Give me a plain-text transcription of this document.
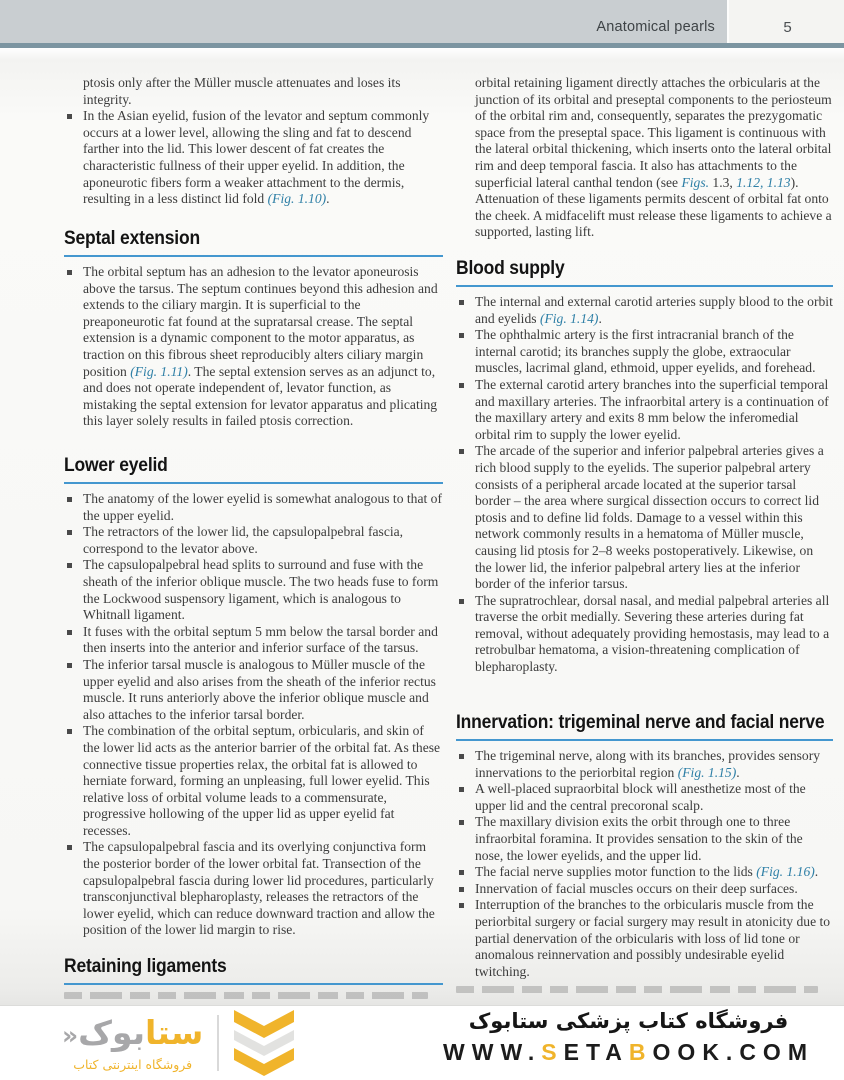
Anatomical pearls	5
ptosis only after the Müller muscle attenuates and loses its integrity.
In the Asian eyelid, fusion of the levator and septum commonly occurs at a lower level, allowing the sling and fat to descend farther into the lid. This lower descent of fat creates the characteristic fullness of their upper eyelid. In addition, the aponeurotic fibers form a weaker attachment to the dermis, resulting in a less distinct lid fold (Fig. 1.10).
Septal extension
The orbital septum has an adhesion to the levator aponeurosis above the tarsus. The septum continues beyond this adhesion and extends to the ciliary margin. It is superficial to the preaponeurotic fat found at the supratarsal crease. The septal extension is a dynamic component to the motor apparatus, as traction on this fibrous sheet reproducibly alters ciliary margin position (Fig. 1.11). The septal extension serves as an adjunct to, and does not operate independent of, levator function, as mistaking the septal extension for levator apparatus and plicating this layer solely results in failed ptosis correction.
Lower eyelid
The anatomy of the lower eyelid is somewhat analogous to that of the upper eyelid.
The retractors of the lower lid, the capsulopalpebral fascia, correspond to the levator above.
The capsulopalpebral head splits to surround and fuse with the sheath of the inferior oblique muscle. The two heads fuse to form the Lockwood suspensory ligament, which is analogous to Whitnall ligament.
It fuses with the orbital septum 5 mm below the tarsal border and then inserts into the anterior and inferior surface of the tarsus.
The inferior tarsal muscle is analogous to Müller muscle of the upper eyelid and also arises from the sheath of the inferior rectus muscle. It runs anteriorly above the inferior oblique muscle and also attaches to the inferior tarsal border.
The combination of the orbital septum, orbicularis, and skin of the lower lid acts as the anterior barrier of the orbital fat. As these connective tissue properties relax, the orbital fat is allowed to herniate forward, forming an unpleasing, full lower eyelid. This relative loss of orbital volume leads to a commensurate, progressive hollowing of the upper lid as upper eyelid fat recesses.
The capsulopalpebral fascia and its overlying conjunctiva form the posterior border of the lower orbital fat. Transection of the capsulopalpebral fascia during lower lid procedures, particularly transconjunctival blepharoplasty, releases the retractors of the lower eyelid, which can reduce downward traction and allow the position of the lower lid margin to rise.
Retaining ligaments
orbital retaining ligament directly attaches the orbicularis at the junction of its orbital and preseptal components to the periosteum of the orbital rim and, consequently, separates the prezygomatic space from the preseptal space. This ligament is continuous with the lateral orbital thickening, which inserts onto the lateral orbital rim and deep temporal fascia. It also has attachments to the superficial lateral canthal tendon (see Figs. 1.3, 1.12, 1.13). Attenuation of these ligaments permits descent of orbital fat onto the cheek. A midfacelift must release these ligaments to achieve a supported, lasting lift.
Blood supply
The internal and external carotid arteries supply blood to the orbit and eyelids (Fig. 1.14).
The ophthalmic artery is the first intracranial branch of the internal carotid; its branches supply the globe, extraocular muscles, lacrimal gland, ethmoid, upper eyelids, and forehead.
The external carotid artery branches into the superficial temporal and maxillary arteries. The infraorbital artery is a continuation of the maxillary artery and exits 8 mm below the inferomedial orbital rim to supply the lower eyelid.
The arcade of the superior and inferior palpebral arteries gives a rich blood supply to the eyelids. The superior palpebral artery consists of a peripheral arcade located at the superior tarsal border – the area where surgical dissection occurs to correct lid ptosis and to define lid folds. Damage to a vessel within this network commonly results in a hematoma of Müller muscle, causing lid ptosis for 2–8 weeks postoperatively. Likewise, on the lower lid, the inferior palpebral artery lies at the inferior border of the inferior tarsus.
The supratrochlear, dorsal nasal, and medial palpebral arteries all traverse the orbit medially. Severing these arteries during fat removal, without adequately providing hemostasis, may lead to a retrobulbar hematoma, a vision-threatening complication of blepharoplasty.
Innervation: trigeminal nerve and facial nerve
The trigeminal nerve, along with its branches, provides sensory innervations to the periorbital region (Fig. 1.15).
A well-placed supraorbital block will anesthetize most of the upper lid and the central precoronal scalp.
The maxillary division exits the orbit through one to three infraorbital foramina. It provides sensation to the skin of the nose, the lower eyelids, and the upper lid.
The facial nerve supplies motor function to the lids (Fig. 1.16).
Innervation of facial muscles occurs on their deep surfaces.
Interruption of the branches to the orbicularis muscle from the periorbital surgery or facial surgery may result in atonicity due to partial denervation of the orbicularis with loss of lid tone or anomalous reinnervation and possibly undesirable eyelid twitching.
ستابوک«
فروشگاه اینترنتی کتاب
فروشگاه کتاب پزشکی ستابوک
WWW.SETABOOK.COM
